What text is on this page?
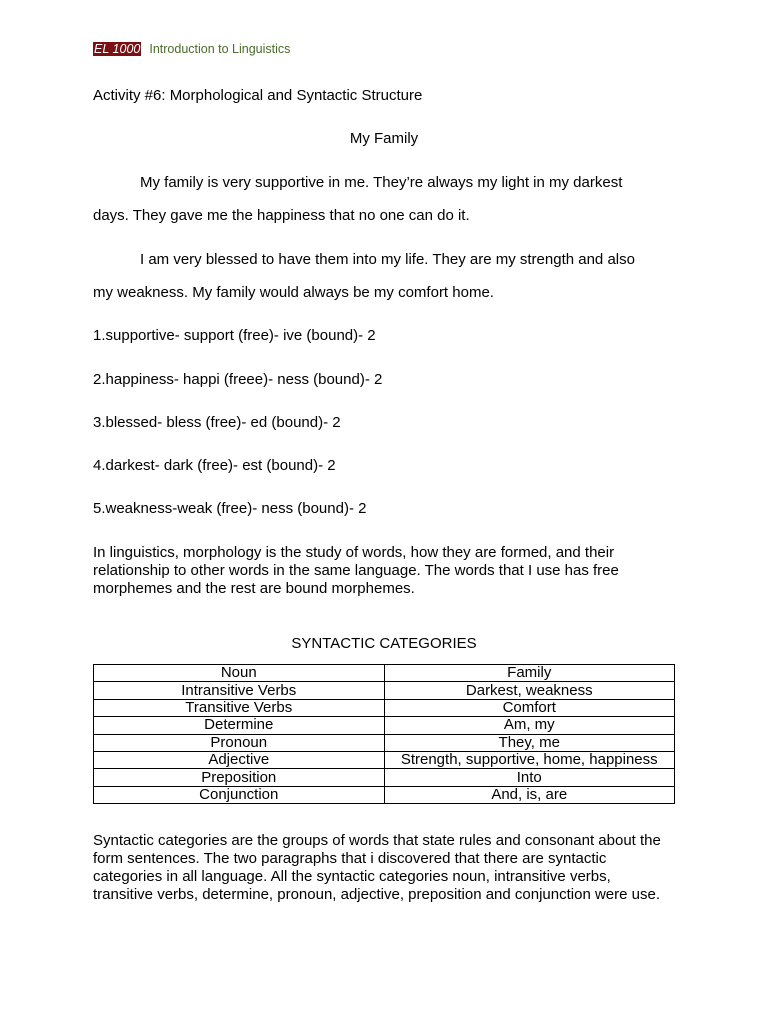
EL 1000 Introduction to Linguistics
Activity #6: Morphological and Syntactic Structure
My Family
My family is very supportive in me. They’re always my light in my darkest
days. They gave me the happiness that no one can do it.
I am very blessed to have them into my life. They are my strength and also
my weakness. My family would always be my comfort home.
1.supportive- support (free)- ive (bound)- 2
2.happiness- happi (freee)- ness (bound)- 2
3.blessed- bless (free)- ed (bound)- 2
4.darkest- dark (free)- est (bound)- 2
5.weakness-weak (free)- ness (bound)- 2
In linguistics, morphology is the study of words, how they are formed, and their relationship to other words in the same language. The words that I use has free morphemes and the rest are bound morphemes.
SYNTACTIC CATEGORIES
Noun	Family
Intransitive Verbs	Darkest, weakness
Transitive Verbs	Comfort
Determine	Am, my
Pronoun	They, me
Adjective	Strength, supportive, home, happiness
Preposition	Into
Conjunction	And, is, are
Syntactic categories are the groups of words that state rules and consonant about the form sentences. The two paragraphs that i discovered that there are syntactic categories in all language. All the syntactic categories noun, intransitive verbs, transitive verbs, determine, pronoun, adjective, preposition and conjunction were use.
